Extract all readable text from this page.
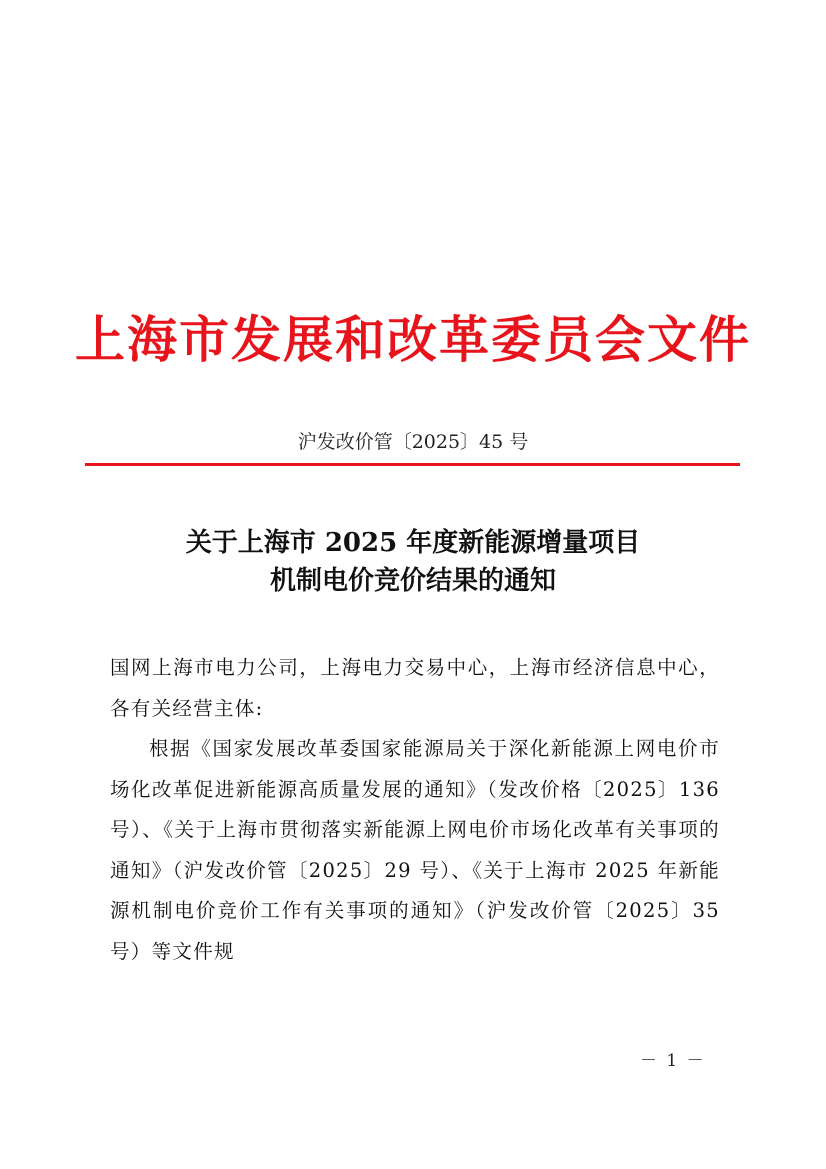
上海市发展和改革委员会文件
沪发改价管〔2025〕45 号
关于上海市 2025 年度新能源增量项目
机制电价竞价结果的通知

国网上海市电力公司，上海电力交易中心，上海市经济信息中心，各有关经营主体:

根据《国家发展改革委国家能源局关于深化新能源上网电价市场化改革促进新能源高质量发展的通知》（发改价格〔2025〕136 号）、《关于上海市贯彻落实新能源上网电价市场化改革有关事项的通知》（沪发改价管〔2025〕29 号）、《关于上海市 2025 年新能源机制电价竞价工作有关事项的通知》（沪发改价管〔2025〕35 号）等文件规

－ 1 －
